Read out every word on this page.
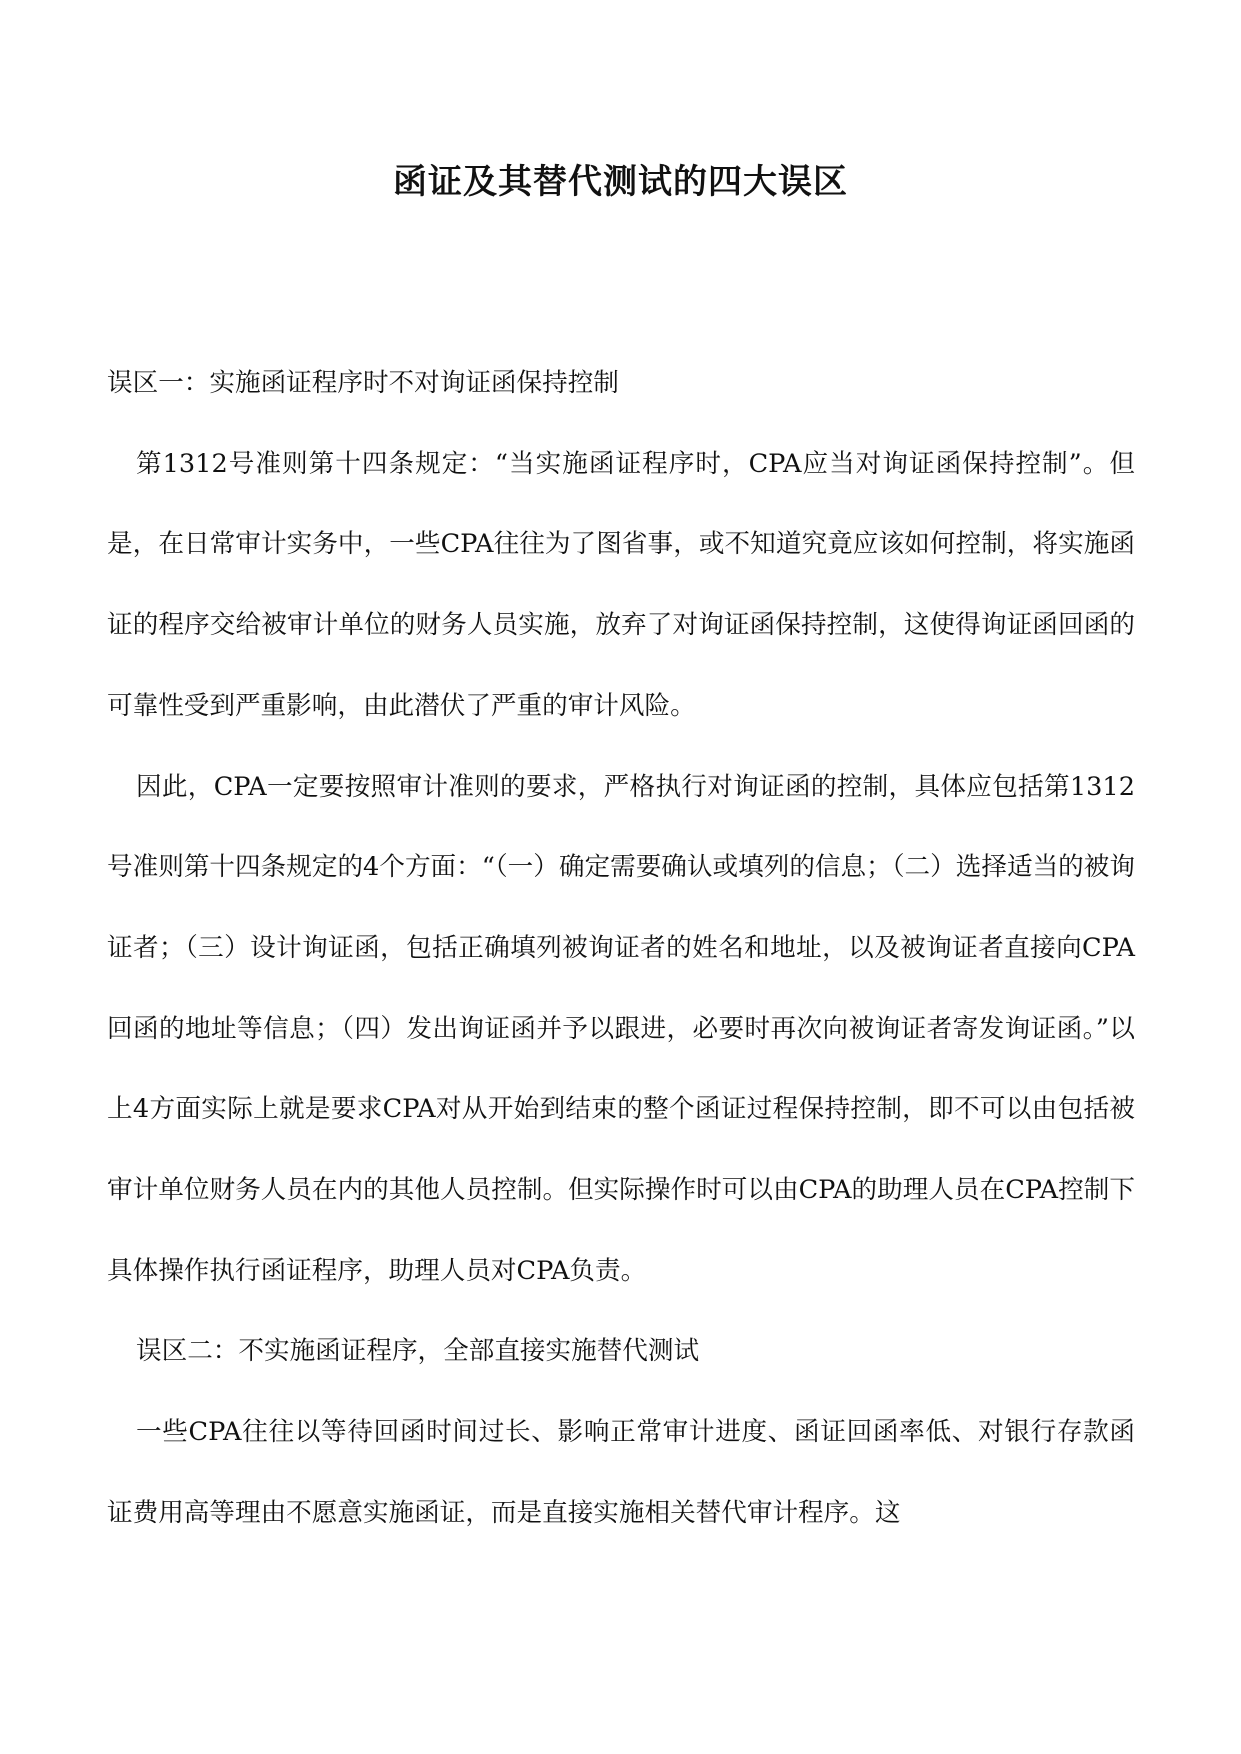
函证及其替代测试的四大误区

误区一：实施函证程序时不对询证函保持控制

第1312号准则第十四条规定：“当实施函证程序时，CPA应当对询证函保持控制”。但是，在日常审计实务中，一些CPA往往为了图省事，或不知道究竟应该如何控制，将实施函证的程序交给被审计单位的财务人员实施，放弃了对询证函保持控制，这使得询证函回函的可靠性受到严重影响，由此潜伏了严重的审计风险。

因此，CPA一定要按照审计准则的要求，严格执行对询证函的控制，具体应包括第1312号准则第十四条规定的4个方面：“（一）确定需要确认或填列的信息；（二）选择适当的被询证者；（三）设计询证函，包括正确填列被询证者的姓名和地址，以及被询证者直接向CPA回函的地址等信息；（四）发出询证函并予以跟进，必要时再次向被询证者寄发询证函。”以上4方面实际上就是要求CPA对从开始到结束的整个函证过程保持控制，即不可以由包括被审计单位财务人员在内的其他人员控制。但实际操作时可以由CPA的助理人员在CPA控制下具体操作执行函证程序，助理人员对CPA负责。

误区二：不实施函证程序，全部直接实施替代测试

一些CPA往往以等待回函时间过长、影响正常审计进度、函证回函率低、对银行存款函证费用高等理由不愿意实施函证，而是直接实施相关替代审计程序。这
